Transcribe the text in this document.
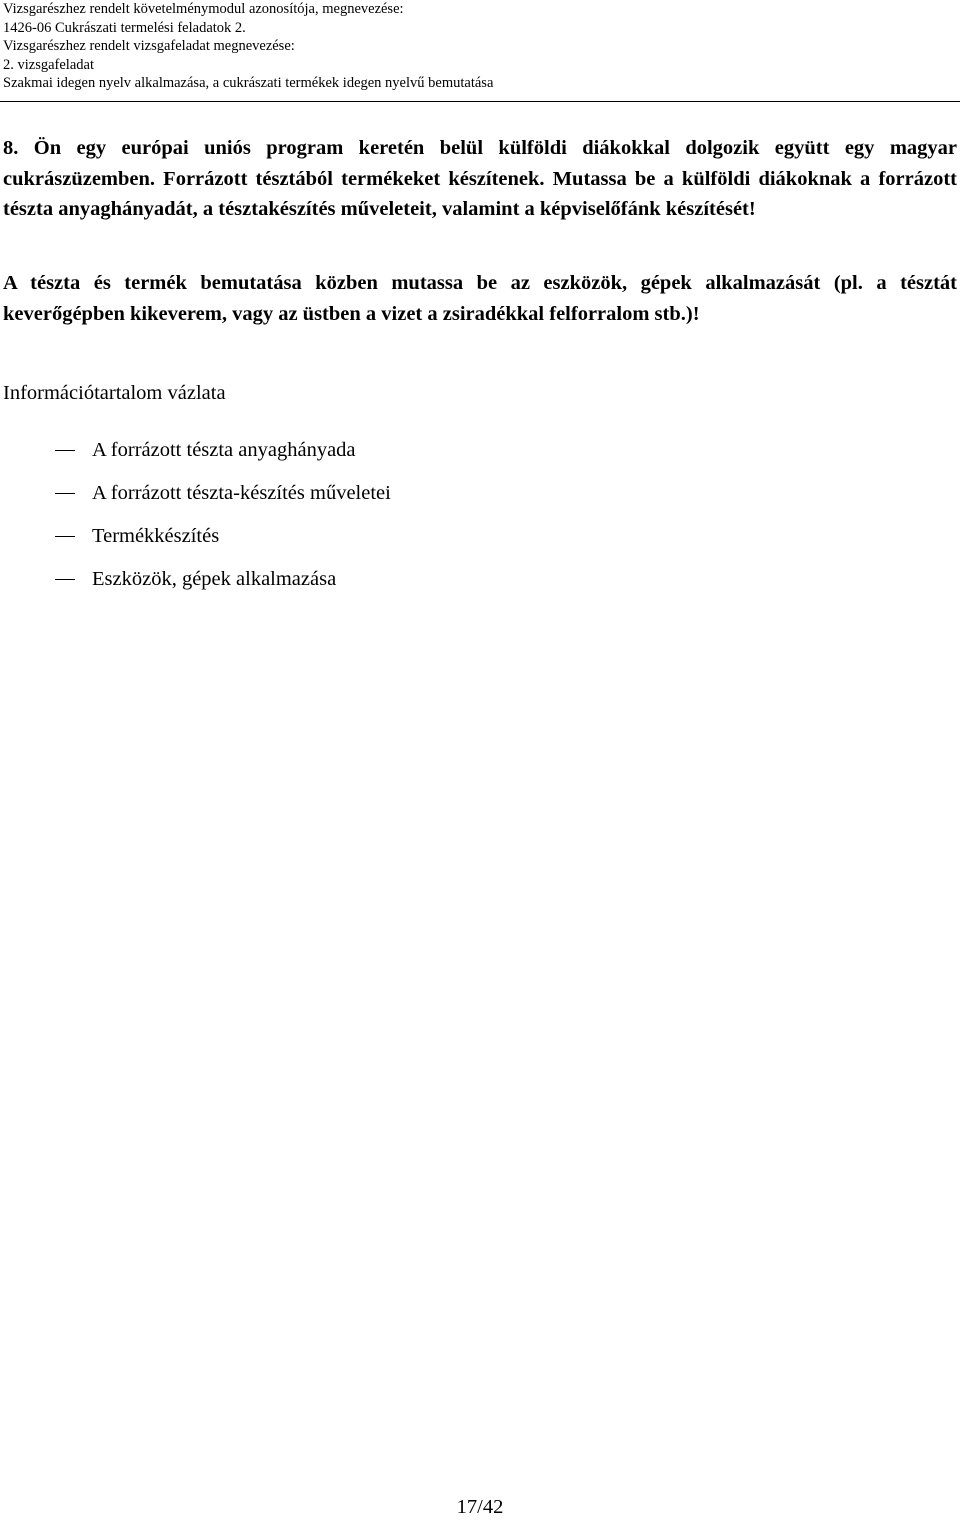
Vizsgarészhez rendelt követelménymodul azonosítója, megnevezése:
1426-06 Cukrászati termelési feladatok 2.
Vizsgarészhez rendelt vizsgafeladat megnevezése:
2. vizsgafeladat
Szakmai idegen nyelv alkalmazása, a cukrászati termékek idegen nyelvű bemutatása

8. Ön egy európai uniós program keretén belül külföldi diákokkal dolgozik együtt egy magyar cukrászüzemben. Forrázott tésztából termékeket készítenek. Mutassa be a külföldi diákoknak a forrázott tészta anyaghányadát, a tésztakészítés műveleteit, valamint a képviselőfánk készítését!

A tészta és termék bemutatása közben mutassa be az eszközök, gépek alkalmazását (pl. a tésztát keverőgépben kikeverem, vagy az üstben a vizet a zsiradékkal felforralom stb.)!

Információtartalom vázlata

A forrázott tészta anyaghányada
A forrázott tészta-készítés műveletei
Termékkészítés
Eszközök, gépek alkalmazása
17/42
